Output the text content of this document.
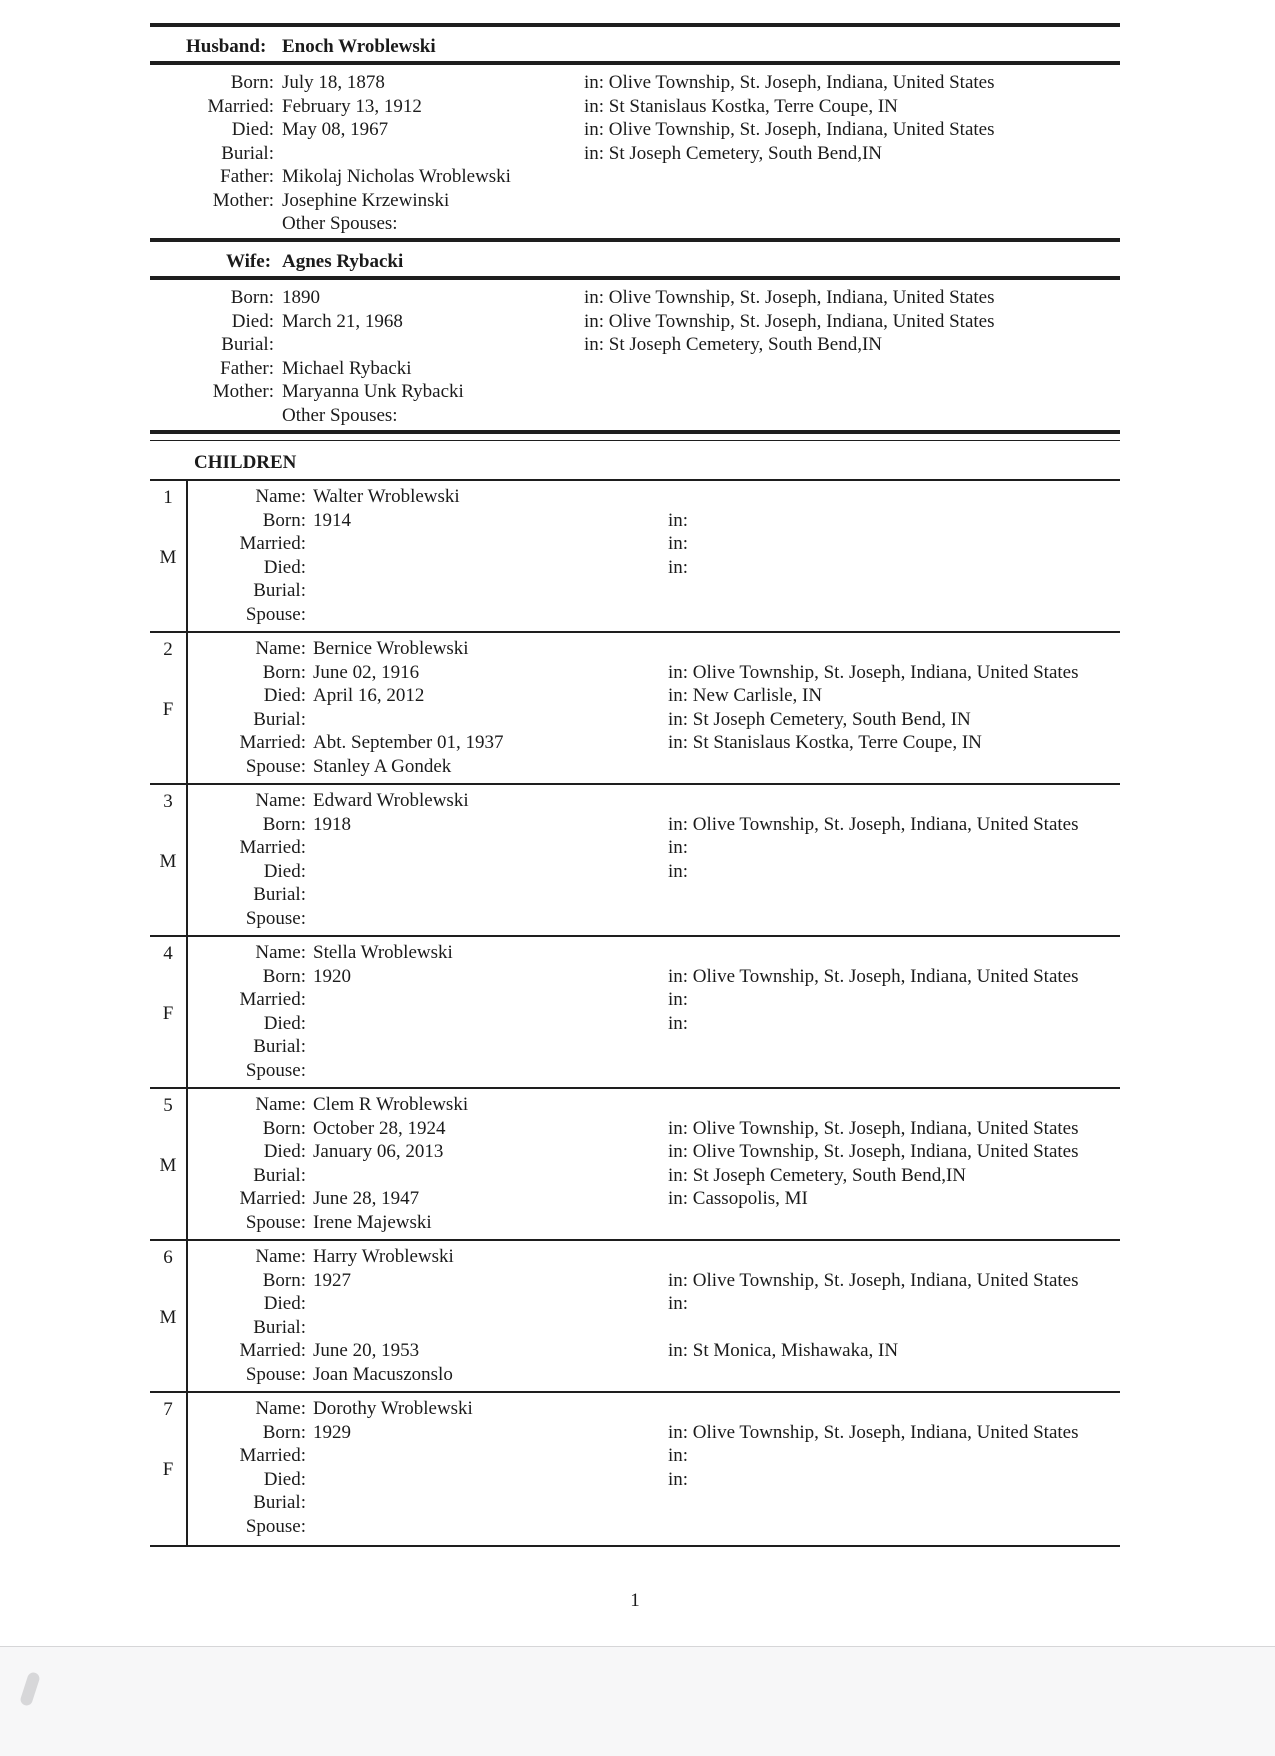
Husband: Enoch Wroblewski
Born: July 18, 1878	in: Olive Township, St. Joseph, Indiana, United States
Married: February 13, 1912	in: St Stanislaus Kostka, Terre Coupe, IN
Died: May 08, 1967	in: Olive Township, St. Joseph, Indiana, United States
Burial:	in: St Joseph Cemetery, South Bend,IN
Father: Mikolaj Nicholas Wroblewski
Mother: Josephine Krzewinski
Other Spouses:
Wife: Agnes Rybacki
Born: 1890	in: Olive Township, St. Joseph, Indiana, United States
Died: March 21, 1968	in: Olive Township, St. Joseph, Indiana, United States
Burial:	in: St Joseph Cemetery, South Bend,IN
Father: Michael Rybacki
Mother: Maryanna Unk Rybacki
Other Spouses:
CHILDREN
1
M
Name: Walter Wroblewski
Born: 1914	in:
Married:	in:
Died:	in:
Burial:
Spouse:
2
F
Name: Bernice Wroblewski
Born: June 02, 1916	in: Olive Township, St. Joseph, Indiana, United States
Died: April 16, 2012	in: New Carlisle, IN
Burial:	in: St Joseph Cemetery, South Bend, IN
Married: Abt. September 01, 1937	in: St Stanislaus Kostka, Terre Coupe, IN
Spouse: Stanley A Gondek
3
M
Name: Edward Wroblewski
Born: 1918	in: Olive Township, St. Joseph, Indiana, United States
Married:	in:
Died:	in:
Burial:
Spouse:
4
F
Name: Stella Wroblewski
Born: 1920	in: Olive Township, St. Joseph, Indiana, United States
Married:	in:
Died:	in:
Burial:
Spouse:
5
M
Name: Clem R Wroblewski
Born: October 28, 1924	in: Olive Township, St. Joseph, Indiana, United States
Died: January 06, 2013	in: Olive Township, St. Joseph, Indiana, United States
Burial:	in: St Joseph Cemetery, South Bend,IN
Married: June 28, 1947	in: Cassopolis, MI
Spouse: Irene Majewski
6
M
Name: Harry Wroblewski
Born: 1927	in: Olive Township, St. Joseph, Indiana, United States
Died:	in:
Burial:
Married: June 20, 1953	in: St Monica, Mishawaka, IN
Spouse: Joan Macuszonslo
7
F
Name: Dorothy Wroblewski
Born: 1929	in: Olive Township, St. Joseph, Indiana, United States
Married:	in:
Died:	in:
Burial:
Spouse:
1
